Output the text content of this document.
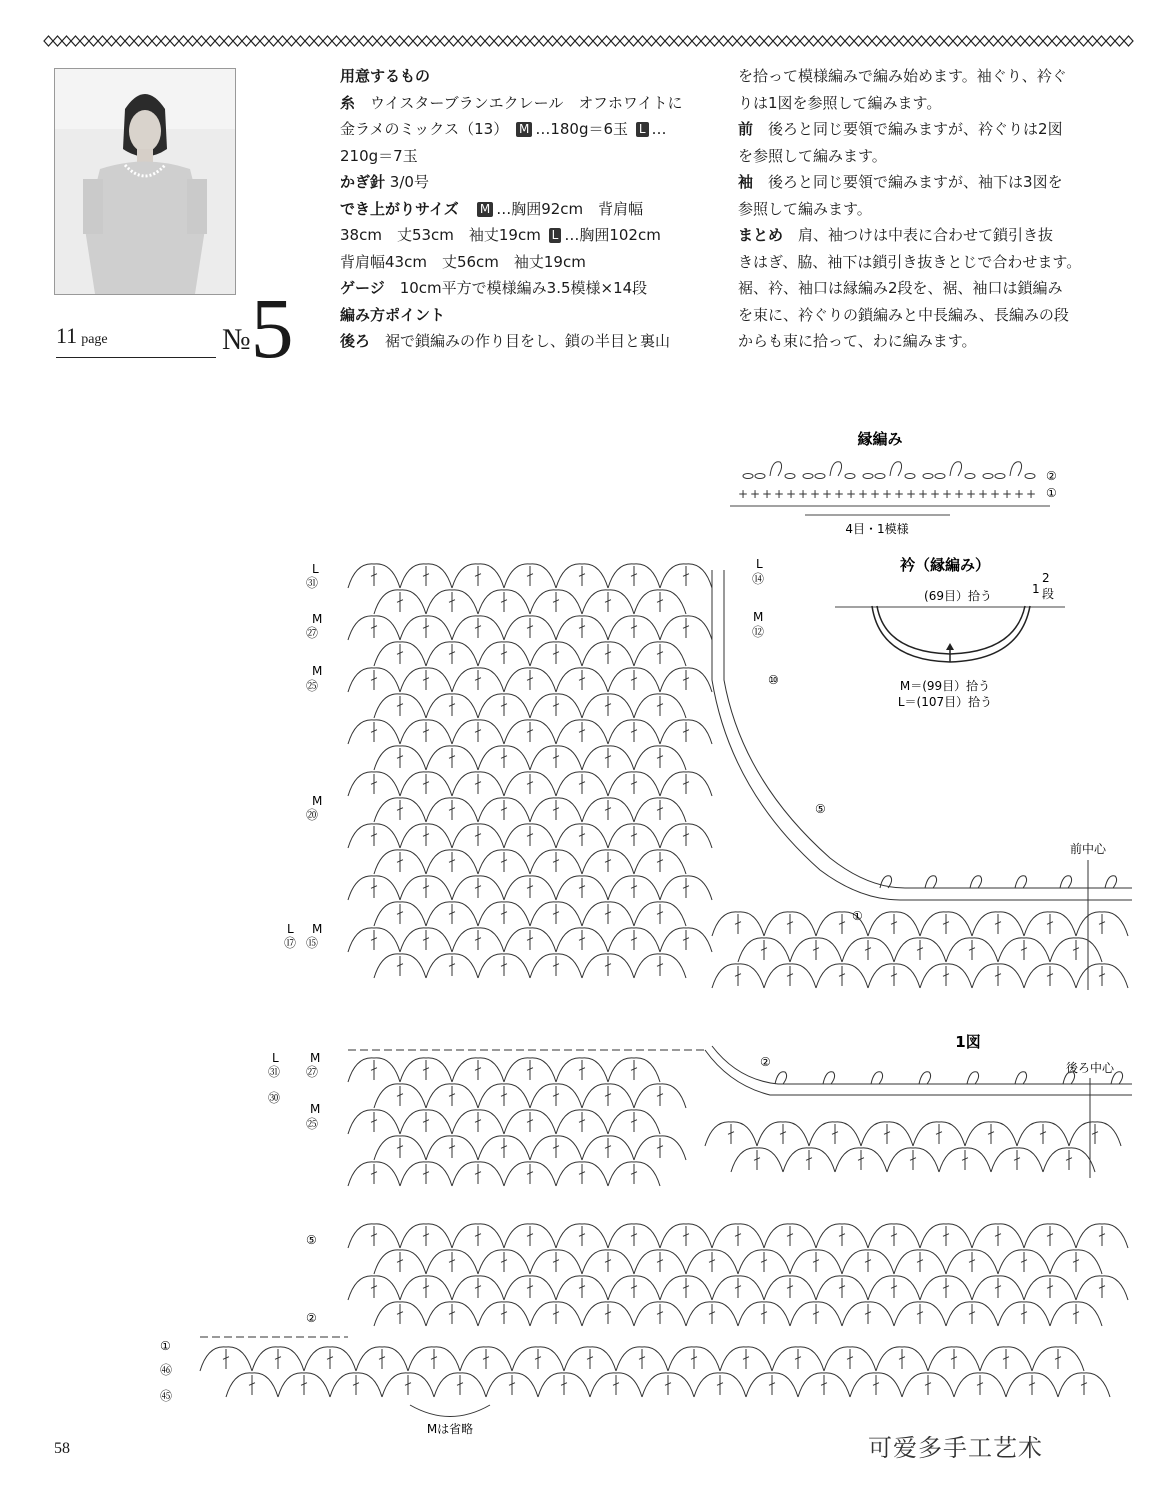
11 page	№5
用意するもの
糸　 ウイスターブランエクレール　オフホワイトに
金ラメのミックス（13） M …180g＝6玉 L …
210g＝7玉
かぎ針 3/0号
でき上がりサイズ　 M …胸囲92cm　背肩幅
38cm　丈53cm　袖丈19cm L …胸囲102cm
背肩幅43cm　丈56cm　袖丈19cm
ゲージ　 10cm平方で模様編み3.5模様×14段
編み方ポイント
後ろ　 裾で鎖編みの作り目をし、鎖の半目と裏山
を拾って模様編みで編み始めます。袖ぐり、衿ぐ
りは1図を参照して編みます。
前　 後ろと同じ要領で編みますが、衿ぐりは2図
を参照して編みます。
袖　 後ろと同じ要領で編みますが、袖下は3図を
参照して編みます。
まとめ　 肩、袖つけは中表に合わせて鎖引き抜
きはぎ、脇、袖下は鎖引き抜きとじで合わせます。
裾、衿、袖口は縁編み2段を、裾、袖口は鎖編み
を束に、衿ぐりの鎖編みと中長編み、長編みの段
からも束に拾って、わに編みます。
縁編み
+ + + + + + + + + + + + + + + + + + + + + + + + +
②
①
4目・1模様
衿（縁編み）
(69目）拾う	1
2
段
M＝(99目）拾う
L＝(107目）拾う
L
㉛
M
㉗
M
㉕
M
⑳
L M
⑰ ⑮
L
⑭
M
⑫
⑩
⑤
①
前中心
1図
後ろ中心
L	M
㉛ ㉗
㉚
M
㉕
②
⑤
②
①
㊻
㊺
Mは省略
58	可爱多手工艺术
